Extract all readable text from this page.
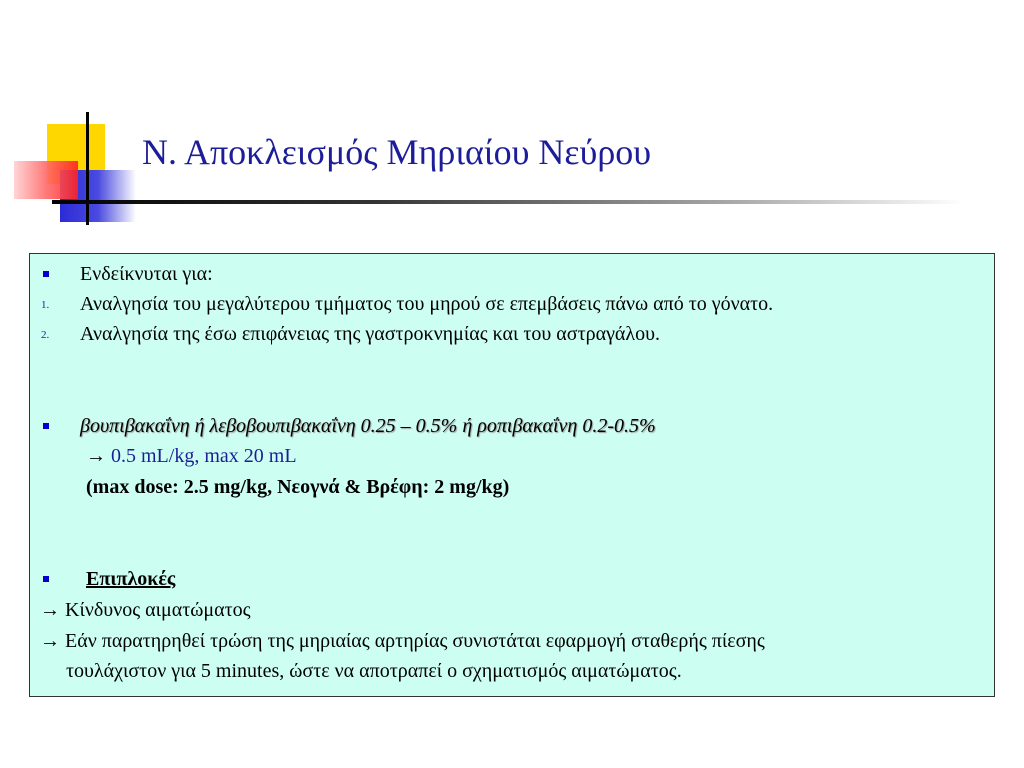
Ν. Αποκλεισμός Μηριαίου Νεύρου
Ενδείκνυται για:
1. Αναλγησία του μεγαλύτερου τμήματος του μηρού σε επεμβάσεις πάνω από το γόνατο.
2. Αναλγησία της έσω επιφάνειας της γαστροκνημίας και του αστραγάλου.
βουπιβακαΐνη ή λεβοβουπιβακαΐνη 0.25 – 0.5% ή ροπιβακαΐνη 0.2-0.5%
→ 0.5 mL/kg, max 20 mL
(max dose: 2.5 mg/kg, Νεογνά & Βρέφη: 2 mg/kg)
Επιπλοκές
→ Κίνδυνος αιματώματος
→ Εάν παρατηρηθεί τρώση της μηριαίας αρτηρίας συνιστάται εφαρμογή σταθερής πίεσης
τουλάχιστον για 5 minutes, ώστε να αποτραπεί ο σχηματισμός αιματώματος.
